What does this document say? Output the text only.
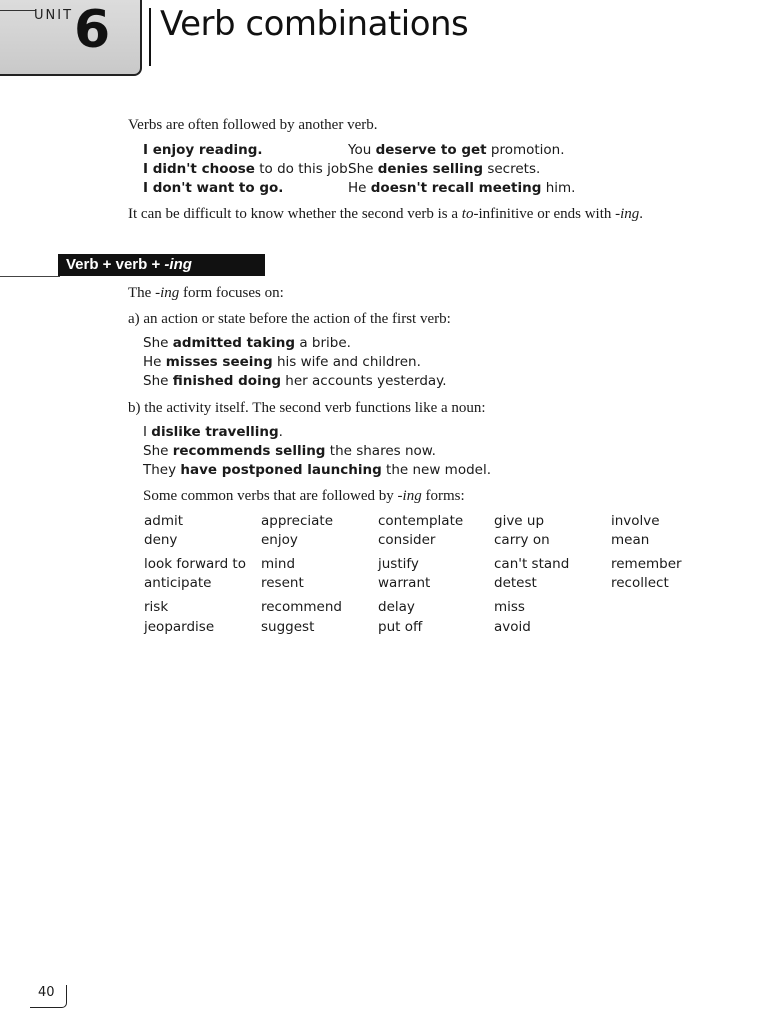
UNIT 6 Verb combinations
Verbs are often followed by another verb.
I enjoy reading.
I didn't choose to do this job.
I don't want to go.
You deserve to get promotion.
She denies selling secrets.
He doesn't recall meeting him.
It can be difficult to know whether the second verb is a to-infinitive or ends with -ing.
Verb + verb + -ing
The -ing form focuses on:
a) an action or state before the action of the first verb:
She admitted taking a bribe.
He misses seeing his wife and children.
She finished doing her accounts yesterday.
b) the activity itself. The second verb functions like a noun:
I dislike travelling.
She recommends selling the shares now.
They have postponed launching the new model.
Some common verbs that are followed by -ing forms:
admit
deny
look forward to
anticipate
risk
jeopardise
appreciate
enjoy
mind
resent
recommend
suggest
contemplate
consider
justify
warrant
delay
put off
give up
carry on
can't stand
detest
miss
avoid
involve
mean
remember
recollect
40
